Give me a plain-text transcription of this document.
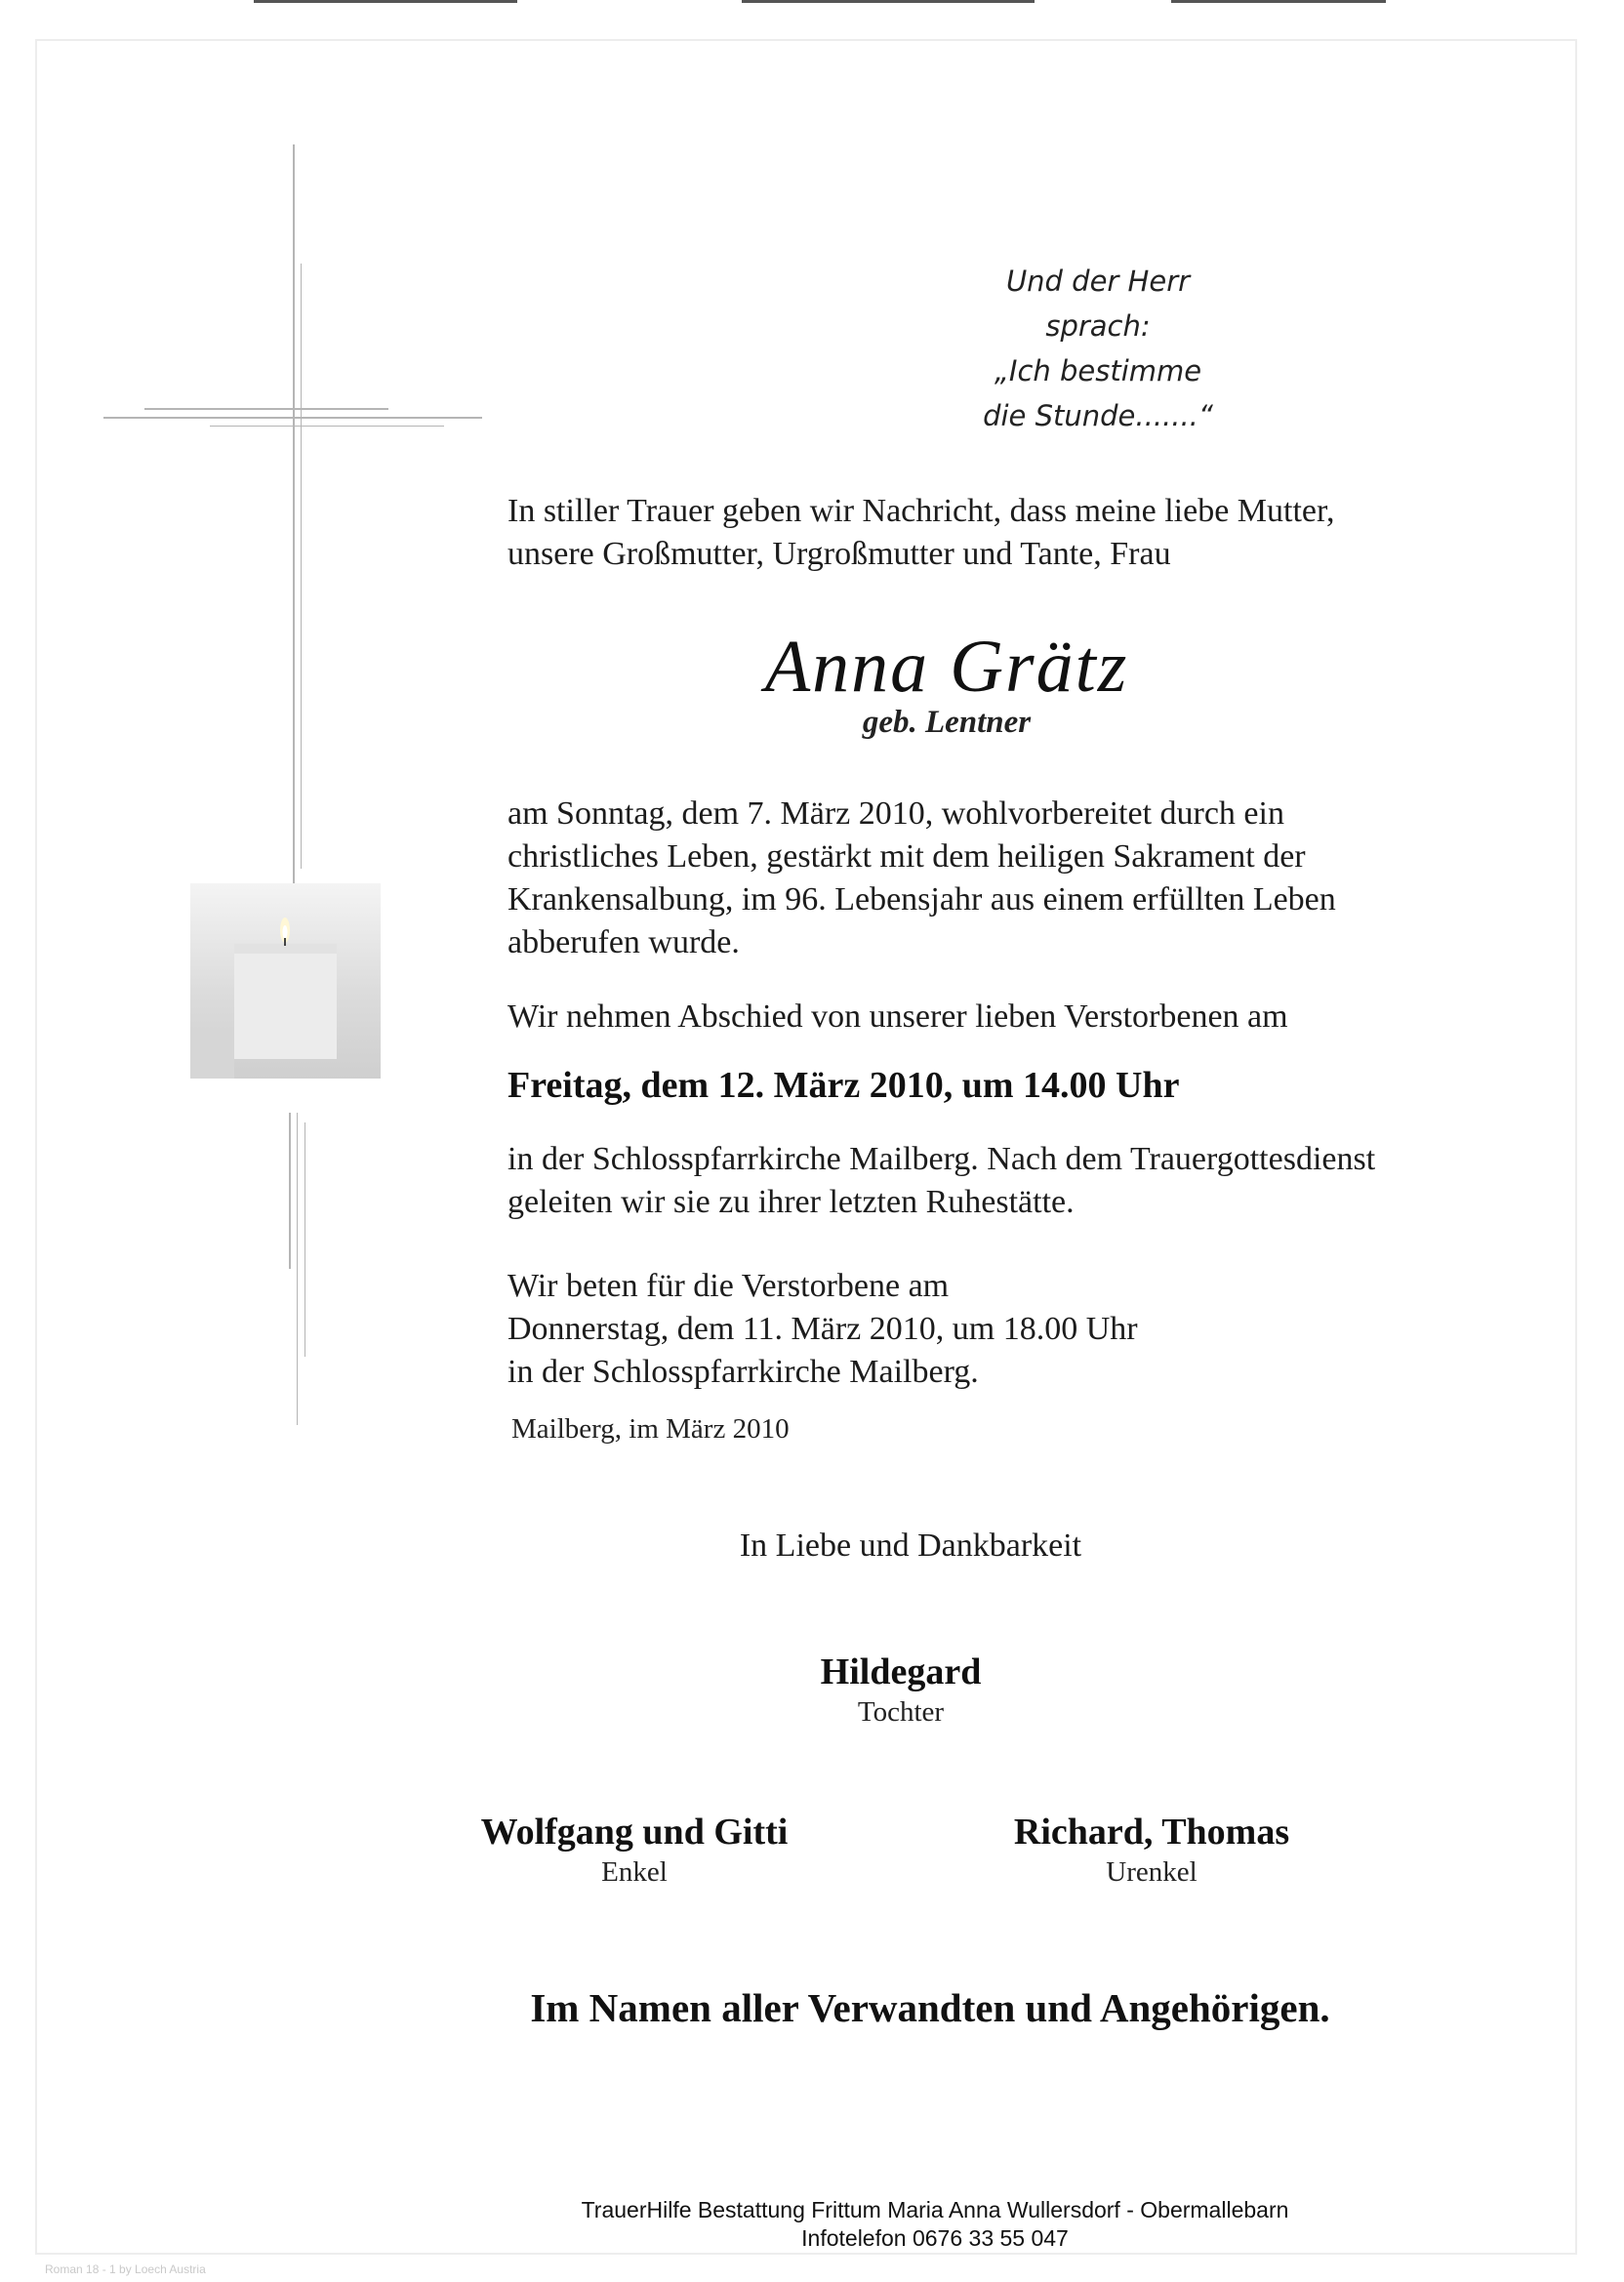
Und der Herr sprach:
„Ich bestimme die Stunde.......“
In stiller Trauer geben wir Nachricht, dass meine liebe Mutter,
unsere Großmutter, Urgroßmutter und Tante, Frau
Anna Grätz
geb. Lentner
am Sonntag, dem 7. März 2010, wohlvorbereitet durch ein
christliches Leben, gestärkt mit dem heiligen Sakrament der
Krankensalbung, im 96. Lebensjahr aus einem erfüllten Leben
abberufen wurde.
Wir nehmen Abschied von unserer lieben Verstorbenen am
Freitag, dem 12. März 2010, um 14.00 Uhr
in der Schlosspfarrkirche Mailberg. Nach dem Trauergottesdienst
geleiten wir sie zu ihrer letzten Ruhestätte.
Wir beten für die Verstorbene am
Donnerstag, dem 11. März 2010, um 18.00 Uhr
in der Schlosspfarrkirche Mailberg.
Mailberg, im März 2010
In Liebe und Dankbarkeit
Hildegard
Tochter
Wolfgang und Gitti
Enkel
Richard, Thomas
Urenkel
Im Namen aller Verwandten und Angehörigen.
TrauerHilfe Bestattung Frittum Maria Anna Wullersdorf - Obermallebarn
Infotelefon 0676 33 55 047
Roman 18 - 1 by Loech Austria
